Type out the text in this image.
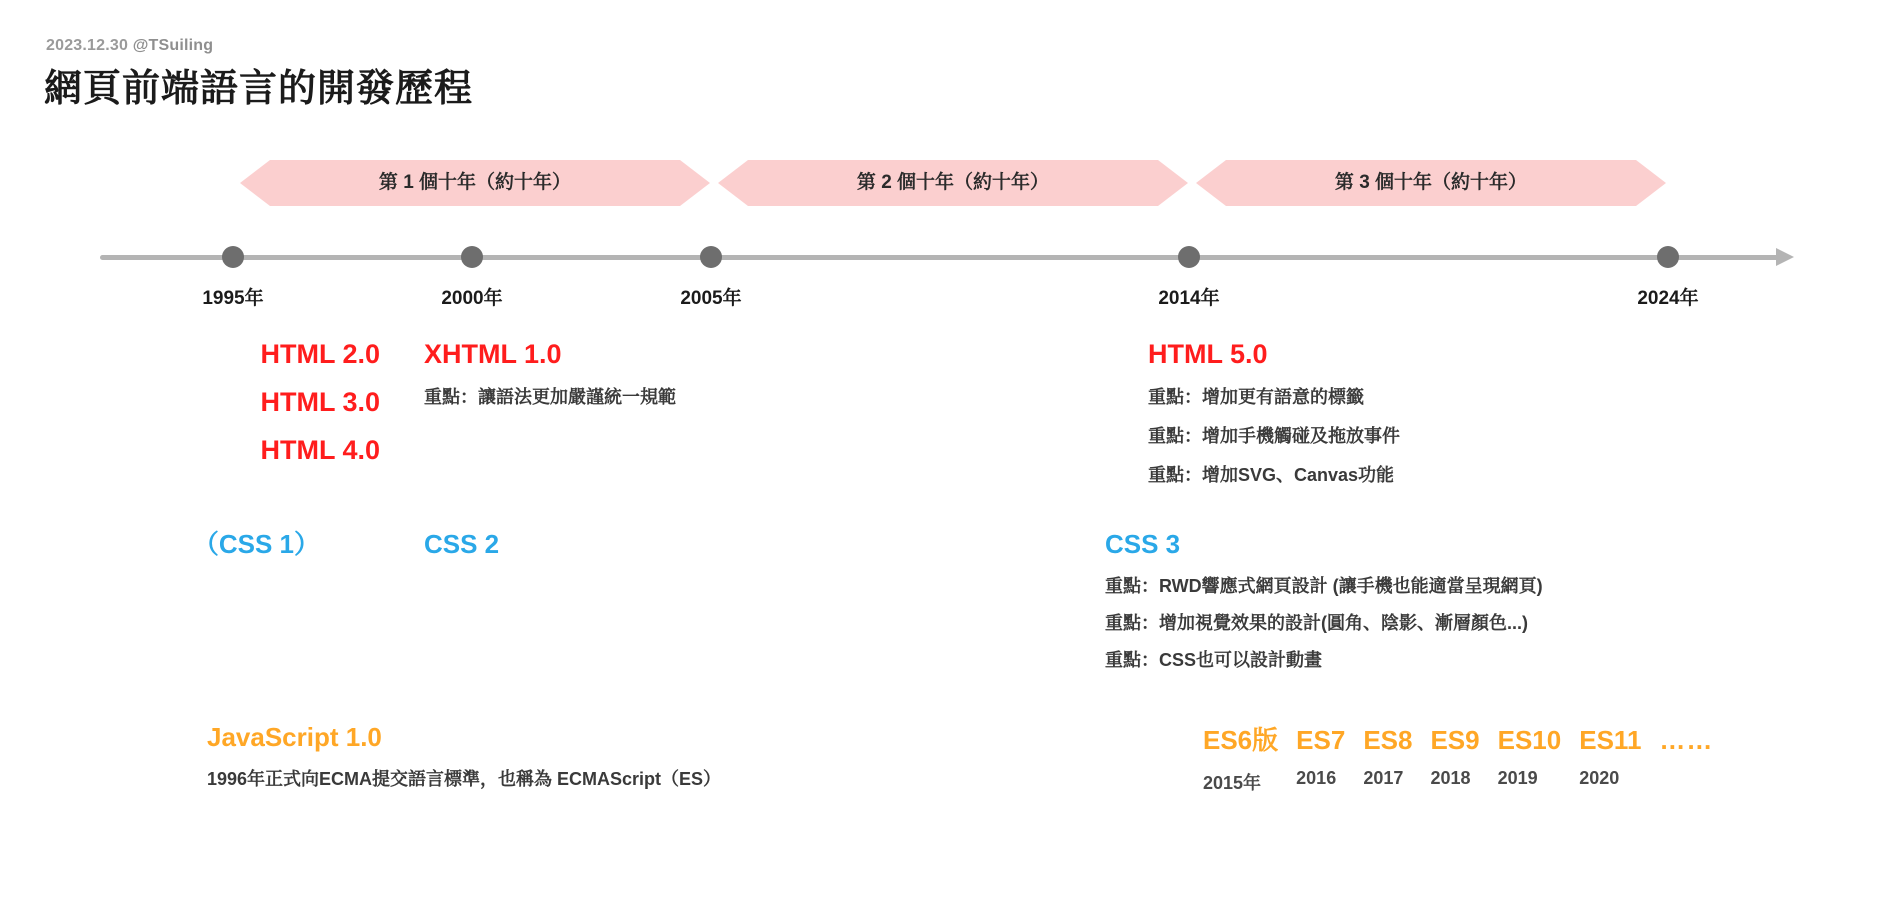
2023.12.30 @TSuiling
網頁前端語言的開發歷程
第 1 個十年（約十年）	第 2 個十年（約十年）	第 3 個十年（約十年）
1995年	2000年	2005年	2014年	2024年
HTML 2.0
HTML 3.0
HTML 4.0
XHTML 1.0
重點：讓語法更加嚴謹統一規範
HTML 5.0
重點：增加更有語意的標籤
重點：增加手機觸碰及拖放事件
重點：增加SVG、Canvas功能
（CSS 1）	CSS 2	CSS 3
重點：RWD響應式網頁設計 (讓手機也能適當呈現網頁)
重點：增加視覺效果的設計(圓角、陰影、漸層顏色...)
重點：CSS也可以設計動畫
JavaScript 1.0
1996年正式向ECMA提交語言標準，也稱為 ECMAScript（ES）
ES6版
2015年
ES7
2016
ES8
2017
ES9
2018
ES10
2019
ES11
2020
……
